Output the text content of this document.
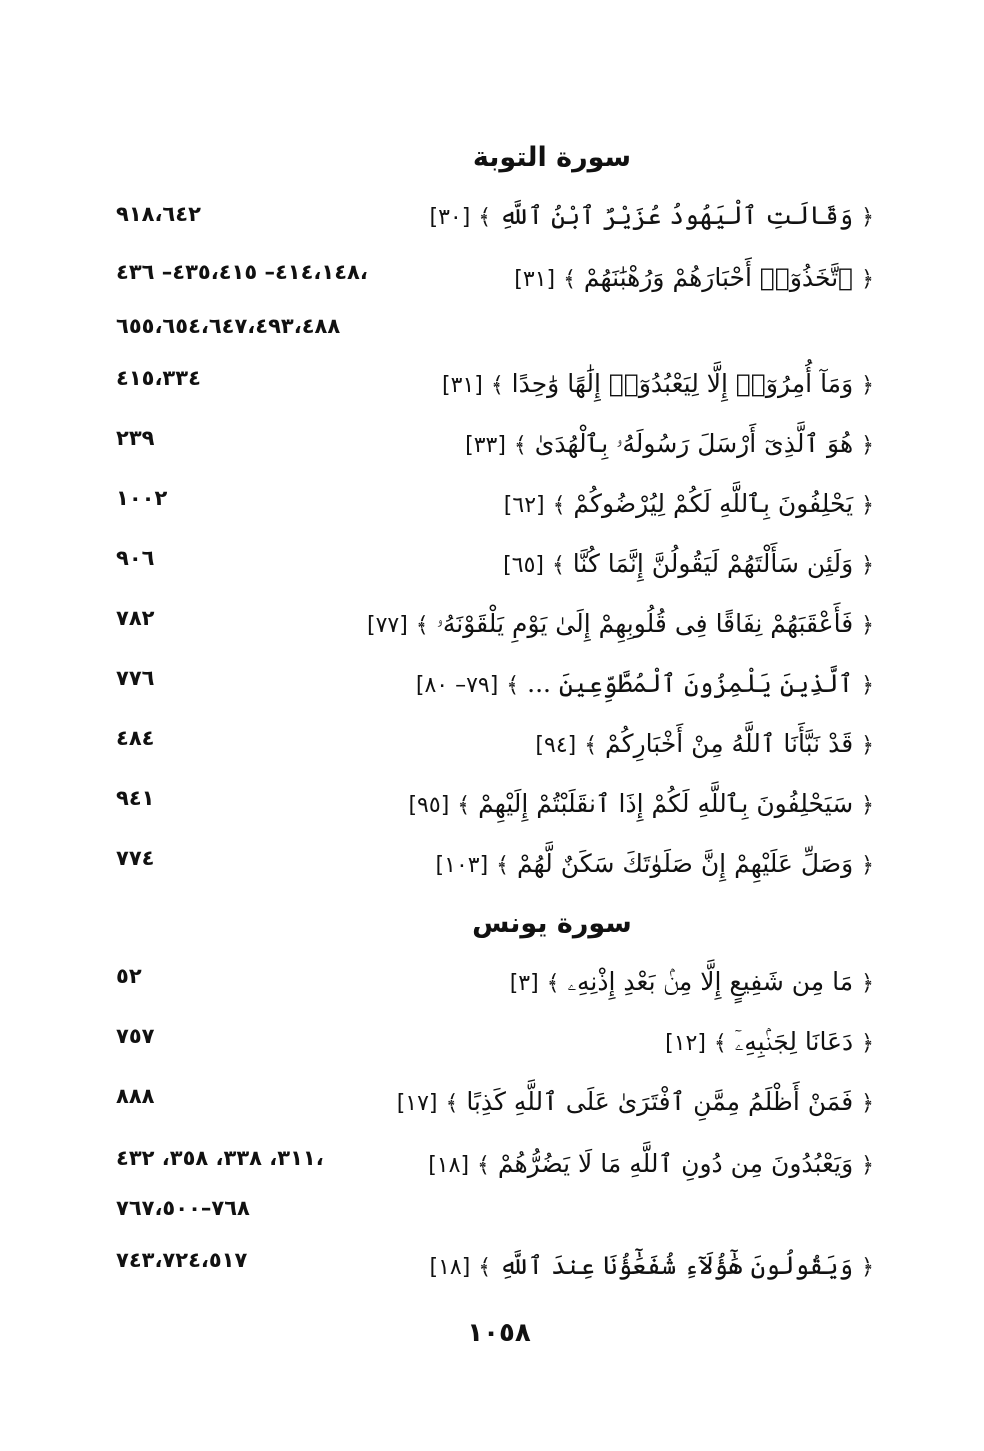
سورة التوبة
﴿ وَقَالَتِ ٱلْيَهُودُ عُزَيْرٌ ٱبْنُ ٱللَّهِ ﴾ [٣٠]
٩١٨،٦٤٢
﴿ ٱتَّخَذُوٓا۟ أَحْبَارَهُمْ وَرُهْبَٰنَهُمْ ﴾ [٣١]
٤١٤،١٤٨– ٤٣٥،٤١٥– ٤٣٦،
٦٥٥،٦٥٤،٦٤٧،٤٩٣،٤٨٨
﴿ وَمَآ أُمِرُوٓا۟ إِلَّا لِيَعْبُدُوٓا۟ إِلَٰهًا وَٰحِدًا ﴾ [٣١]
٤١٥،٣٣٤
﴿ هُوَ ٱلَّذِىٓ أَرْسَلَ رَسُولَهُۥ بِٱلْهُدَىٰ ﴾ [٣٣]
٢٣٩
﴿ يَحْلِفُونَ بِٱللَّهِ لَكُمْ لِيُرْضُوكُمْ ﴾ [٦٢]
١٠٠٢
﴿ وَلَئِن سَأَلْتَهُمْ لَيَقُولُنَّ إِنَّمَا كُنَّا ﴾ [٦٥]
٩٠٦
﴿ فَأَعْقَبَهُمْ نِفَاقًا فِى قُلُوبِهِمْ إِلَىٰ يَوْمِ يَلْقَوْنَهُۥ ﴾ [٧٧]
٧٨٢
﴿ ٱلَّذِينَ يَلْمِزُونَ ٱلْمُطَّوِّعِينَ ... ﴾ [٧٩– ٨٠]
٧٧٦
﴿ قَدْ نَبَّأَنَا ٱللَّهُ مِنْ أَخْبَارِكُمْ ﴾ [٩٤]
٤٨٤
﴿ سَيَحْلِفُونَ بِٱللَّهِ لَكُمْ إِذَا ٱنقَلَبْتُمْ إِلَيْهِمْ ﴾ [٩٥]
٩٤١
﴿ وَصَلِّ عَلَيْهِمْ إِنَّ صَلَوٰتَكَ سَكَنٌ لَّهُمْ ﴾ [١٠٣]
٧٧٤
سورة يونس
﴿ مَا مِن شَفِيعٍ إِلَّا مِنۢ بَعْدِ إِذْنِهِۦ ﴾ [٣]
٥٢
﴿ دَعَانَا لِجَنۢبِهِۦٓ ﴾ [١٢]
٧٥٧
﴿ فَمَنْ أَظْلَمُ مِمَّنِ ٱفْتَرَىٰ عَلَى ٱللَّهِ كَذِبًا ﴾ [١٧]
٨٨٨
﴿ وَيَعْبُدُونَ مِن دُونِ ٱللَّهِ مَا لَا يَضُرُّهُمْ ﴾ [١٨]
٣١١، ٣٣٨، ٣٥٨، ٤٣٢،
٧٦٨–٧٦٧،٥٠٠
﴿ وَيَقُولُونَ هَٰٓؤُلَآءِ شُفَعَٰٓؤُنَا عِندَ ٱللَّهِ ﴾ [١٨]
٧٤٣،٧٢٤،٥١٧
١٠٥٨
